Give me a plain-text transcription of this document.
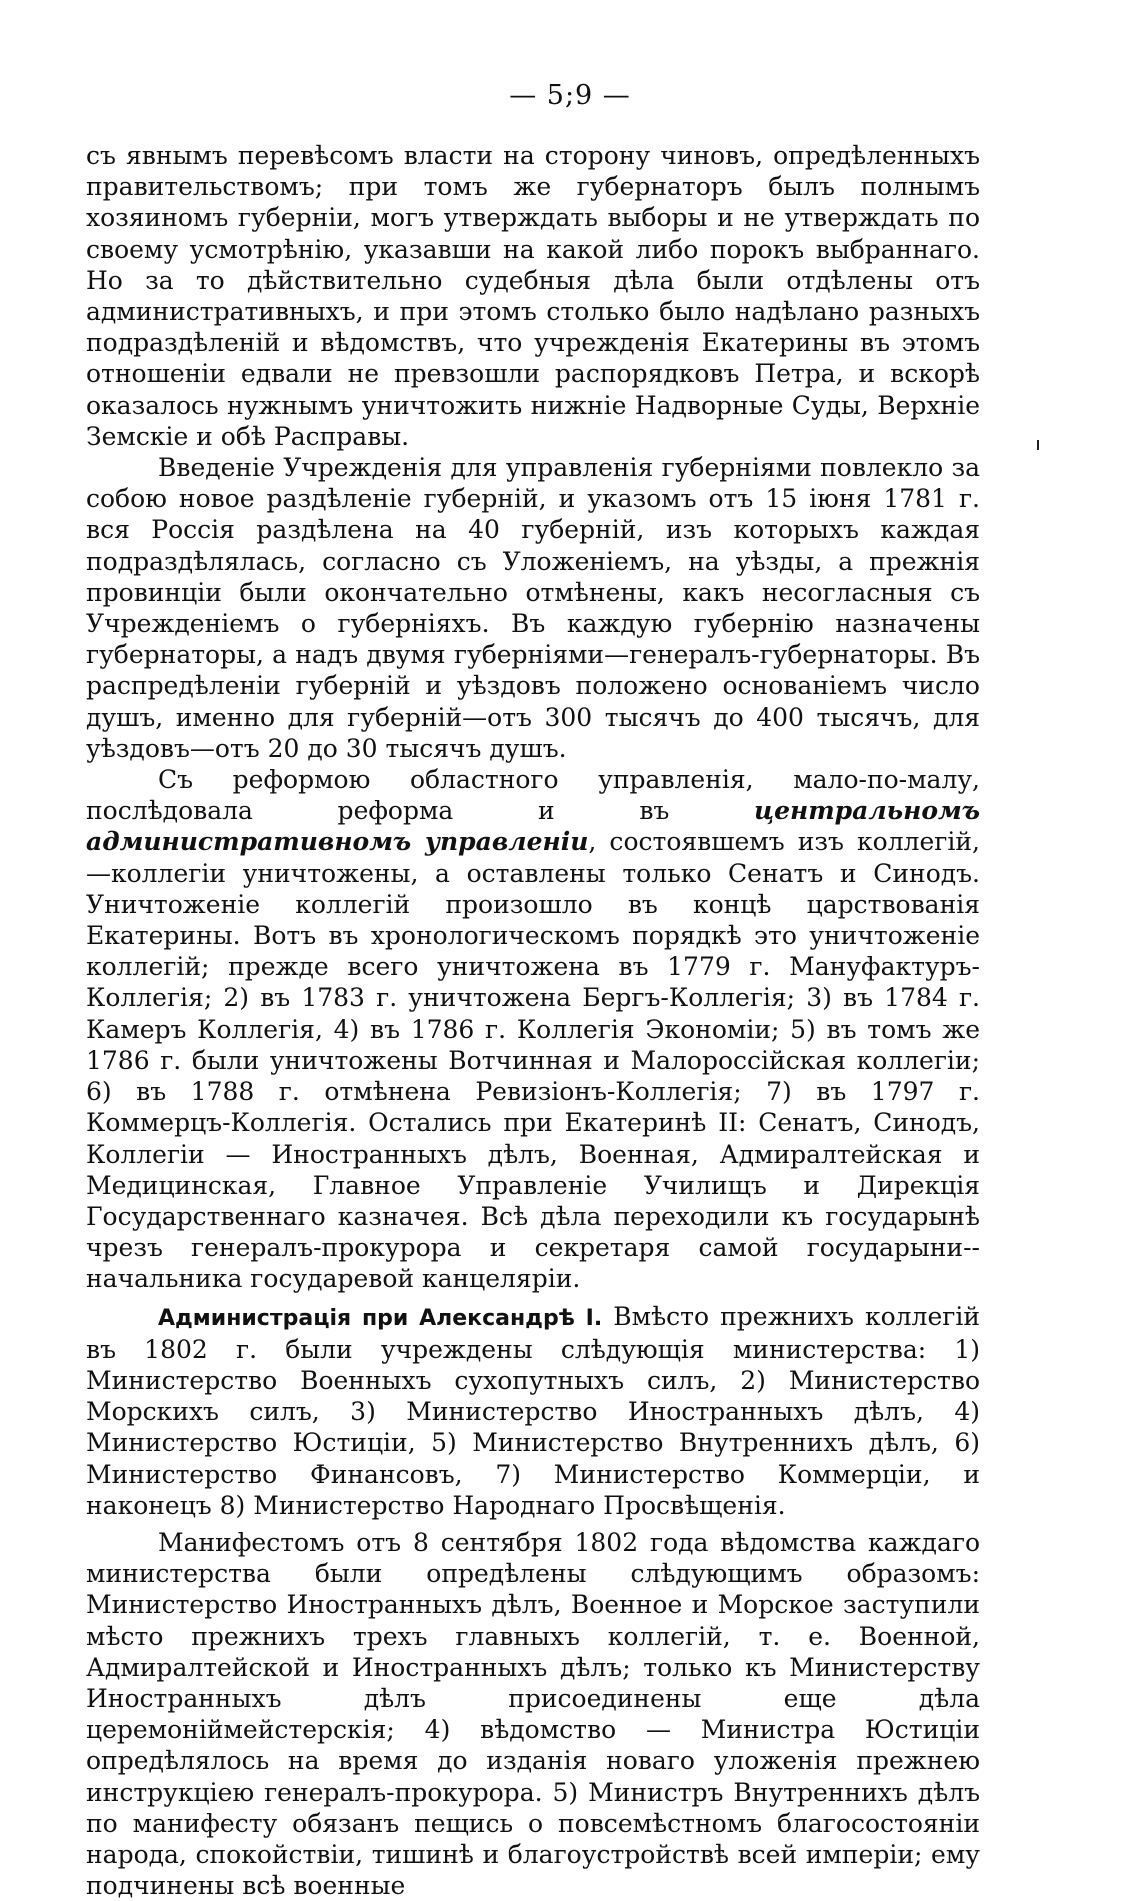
— 5;9 —

съ явнымъ перевѣсомъ власти на сторону чиновъ, опредѣленныхъ правительствомъ; при томъ же губернаторъ былъ полнымъ хозяиномъ губерніи, могъ утверждать выборы и не утверждать по своему усмотрѣнію, указавши на какой либо порокъ выбраннаго. Но за то дѣйствительно судебныя дѣла были отдѣлены отъ административныхъ, и при этомъ столько было надѣлано разныхъ подраздѣленій и вѣдомствъ, что учрежденія Екатерины въ этомъ отношеніи едвали не превзошли распорядковъ Петра, и вскорѣ оказалось нужнымъ уничтожить нижніе Надворные Суды, Верхніе Земскіе и обѣ Расправы.

Введеніе Учрежденія для управленія губерніями повлекло за собою новое раздѣленіе губерній, и указомъ отъ 15 іюня 1781 г. вся Россія раздѣлена на 40 губерній, изъ которыхъ каждая подраздѣлялась, согласно съ Уложеніемъ, на уѣзды, а прежнія провинціи были окончательно отмѣнены, какъ несогласныя съ Учрежденіемъ о губерніяхъ. Въ каждую губернію назначены губернаторы, а надъ двумя губерніями—генералъ-губернаторы. Въ распредѣленіи губерній и уѣздовъ положено основаніемъ число душъ, именно для губерній—отъ 300 тысячъ до 400 тысячъ, для уѣздовъ—отъ 20 до 30 тысячъ душъ.

Съ реформою областного управленія, мало-по-малу, послѣдовала реформа и въ центральномъ административномъ управленіи, состоявшемъ изъ коллегій,—коллегіи уничтожены, а оставлены только Сенатъ и Синодъ. Уничтоженіе коллегій произошло въ концѣ царствованія Екатерины. Вотъ въ хронологическомъ порядкѣ это уничтоженіе коллегій; прежде всего уничтожена въ 1779 г. Мануфактуръ-Коллегія; 2) въ 1783 г. уничтожена Бергъ-Коллегія; 3) въ 1784 г. Камеръ Коллегія, 4) въ 1786 г. Коллегія Экономіи; 5) въ томъ же 1786 г. были уничтожены Вотчинная и Малороссійская коллегіи; 6) въ 1788 г. отмѣнена Ревизіонъ-Коллегія; 7) въ 1797 г. Коммерцъ-Коллегія. Остались при Екатеринѣ II: Сенатъ, Синодъ, Коллегіи — Иностранныхъ дѣлъ, Военная, Адмиралтейская и Медицинская, Главное Управленіе Училищъ и Дирекція Государственнаго казначея. Всѣ дѣла переходили къ государынѣ чрезъ генералъ-прокурора и секретаря самой государыни--начальника государевой канцеляріи.

Администрація при Александрѣ I. Вмѣсто прежнихъ коллегій въ 1802 г. были учреждены слѣдующія министерства: 1) Министерство Военныхъ сухопутныхъ силъ, 2) Министерство Морскихъ силъ, 3) Министерство Иностранныхъ дѣлъ, 4) Министерство Юстиціи, 5) Министерство Внутреннихъ дѣлъ, 6) Министерство Финансовъ, 7) Министерство Коммерціи, и наконецъ 8) Министерство Народнаго Просвѣщенія.

Манифестомъ отъ 8 сентября 1802 года вѣдомства каждаго министерства были опредѣлены слѣдующимъ образомъ: Министерство Иностранныхъ дѣлъ, Военное и Морское заступили мѣсто прежнихъ трехъ главныхъ коллегій, т. е. Военной, Адмиралтейской и Иностранныхъ дѣлъ; только къ Министерству Иностранныхъ дѣлъ присоединены еще дѣла церемоніймейстерскія; 4) вѣдомство — Министра Юстиціи опредѣлялось на время до изданія новаго уложенія прежнею инструкціею генералъ-прокурора. 5) Министръ Внутреннихъ дѣлъ по манифесту обязанъ пещись о повсемѣстномъ благосостояніи народа, спокойствіи, тишинѣ и благоустройствѣ всей имперіи; ему подчинены всѣ военные
